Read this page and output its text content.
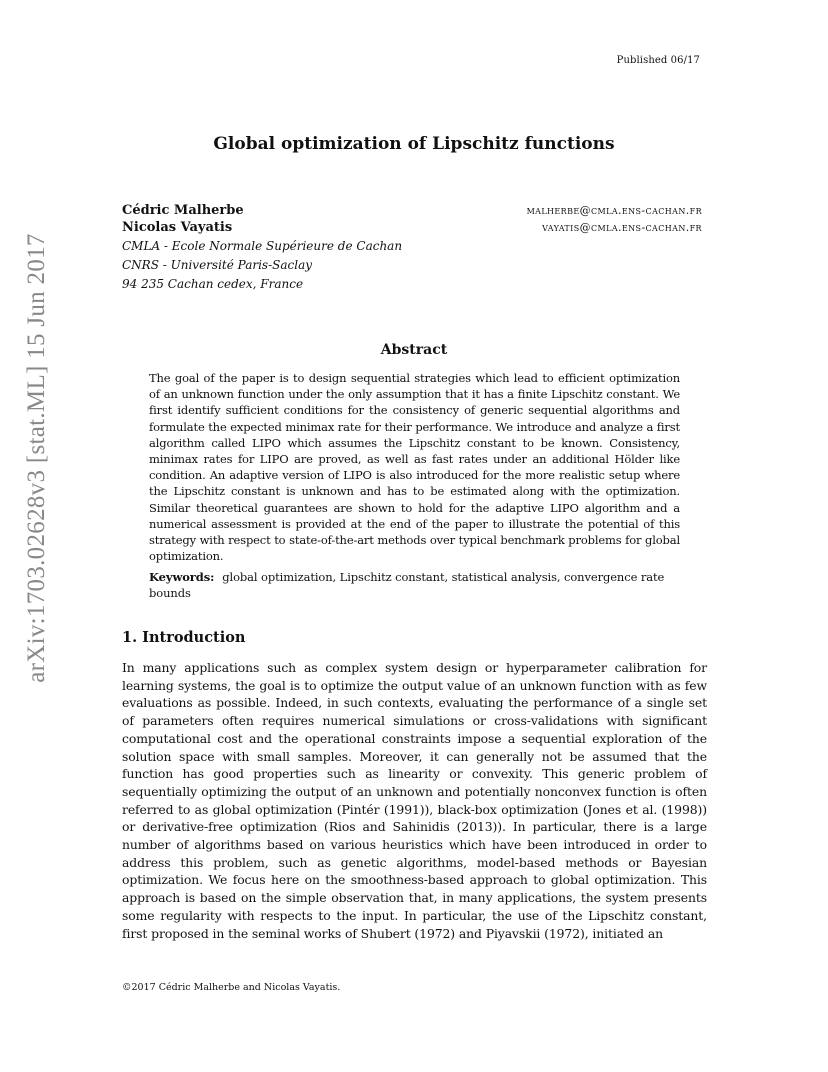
Published 06/17
Global optimization of Lipschitz functions
Cédric Malherbe	malherbe@cmla.ens-cachan.fr
Nicolas Vayatis	vayatis@cmla.ens-cachan.fr
CMLA - Ecole Normale Supérieure de Cachan
CNRS - Université Paris-Saclay
94 235 Cachan cedex, France
Abstract
The goal of the paper is to design sequential strategies which lead to efficient optimization of an unknown function under the only assumption that it has a finite Lipschitz constant. We first identify sufficient conditions for the consistency of generic sequential algorithms and formulate the expected minimax rate for their performance. We introduce and analyze a first algorithm called LIPO which assumes the Lipschitz constant to be known. Consistency, minimax rates for LIPO are proved, as well as fast rates under an additional Hölder like condition. An adaptive version of LIPO is also introduced for the more realistic setup where the Lipschitz constant is unknown and has to be estimated along with the optimization. Similar theoretical guarantees are shown to hold for the adaptive LIPO algorithm and a numerical assessment is provided at the end of the paper to illustrate the potential of this strategy with respect to state-of-the-art methods over typical benchmark problems for global optimization.
Keywords: global optimization, Lipschitz constant, statistical analysis, convergence rate bounds
1. Introduction
In many applications such as complex system design or hyperparameter calibration for learning systems, the goal is to optimize the output value of an unknown function with as few evaluations as possible. Indeed, in such contexts, evaluating the performance of a single set of parameters often requires numerical simulations or cross-validations with significant computational cost and the operational constraints impose a sequential exploration of the solution space with small samples. Moreover, it can generally not be assumed that the function has good properties such as linearity or convexity. This generic problem of sequentially optimizing the output of an unknown and potentially nonconvex function is often referred to as global optimization (Pintér (1991)), black-box optimization (Jones et al. (1998)) or derivative-free optimization (Rios and Sahinidis (2013)). In particular, there is a large number of algorithms based on various heuristics which have been introduced in order to address this problem, such as genetic algorithms, model-based methods or Bayesian optimization. We focus here on the smoothness-based approach to global optimization. This approach is based on the simple observation that, in many applications, the system presents some regularity with respects to the input. In particular, the use of the Lipschitz constant, first proposed in the seminal works of Shubert (1972) and Piyavskii (1972), initiated an
©2017 Cédric Malherbe and Nicolas Vayatis.
arXiv:1703.02628v3 [stat.ML] 15 Jun 2017
